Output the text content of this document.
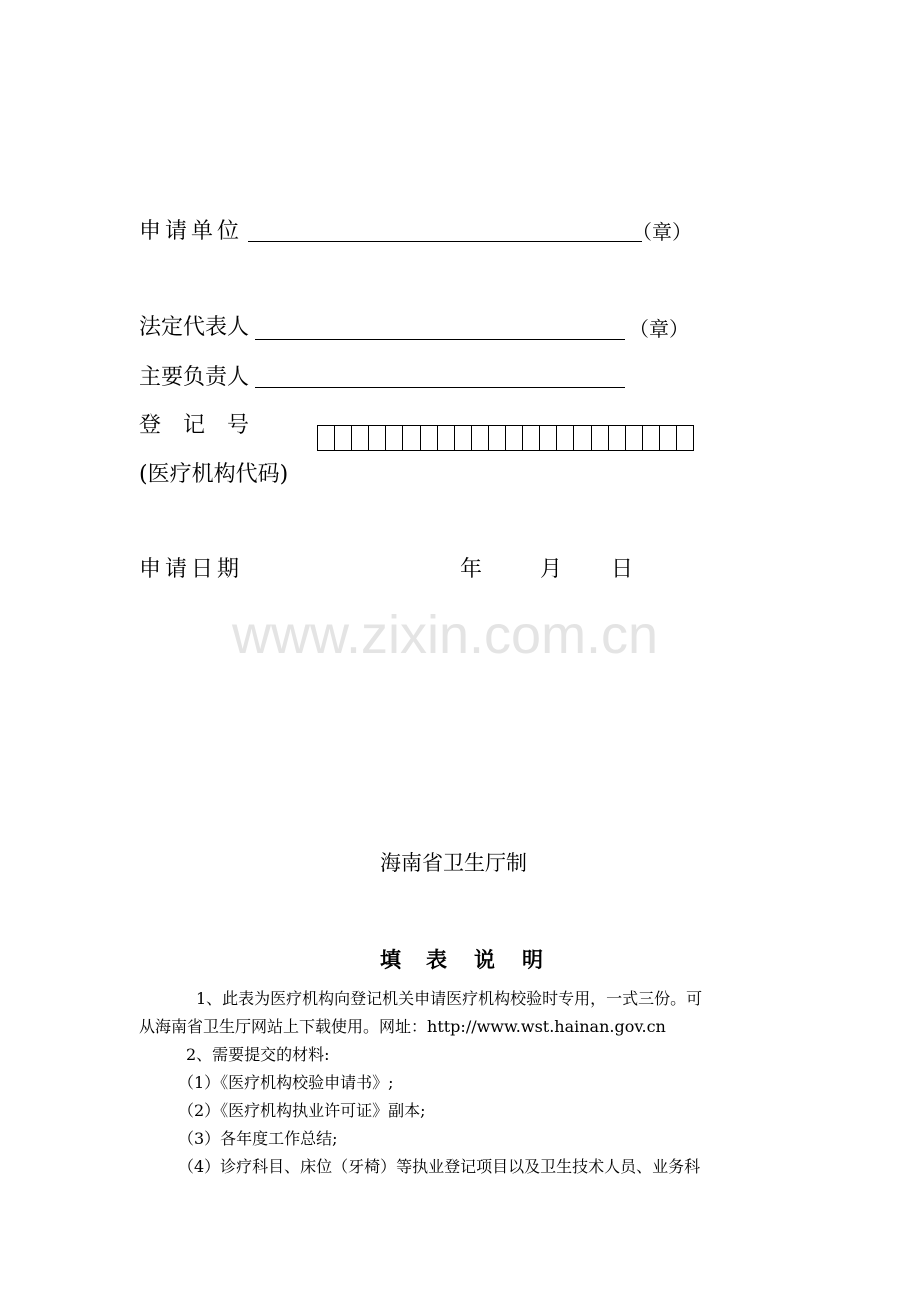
申请单位	（章）
法定代表人	（章）
主要负责人
登　记　号
(医疗机构代码)
申请日期	年	月 日
www.zixin.com.cn
海南省卫生厅制
填 表 说 明
1、此表为医疗机构向登记机关申请医疗机构校验时专用，一式三份。可
从海南省卫生厅网站上下载使用。网址：http://www.wst.hainan.gov.cn
2、需要提交的材料:
（1）《医疗机构校验申请书》;
（2）《医疗机构执业许可证》副本;
（3）各年度工作总结;
（4）诊疗科目、床位（牙椅）等执业登记项目以及卫生技术人员、业务科
